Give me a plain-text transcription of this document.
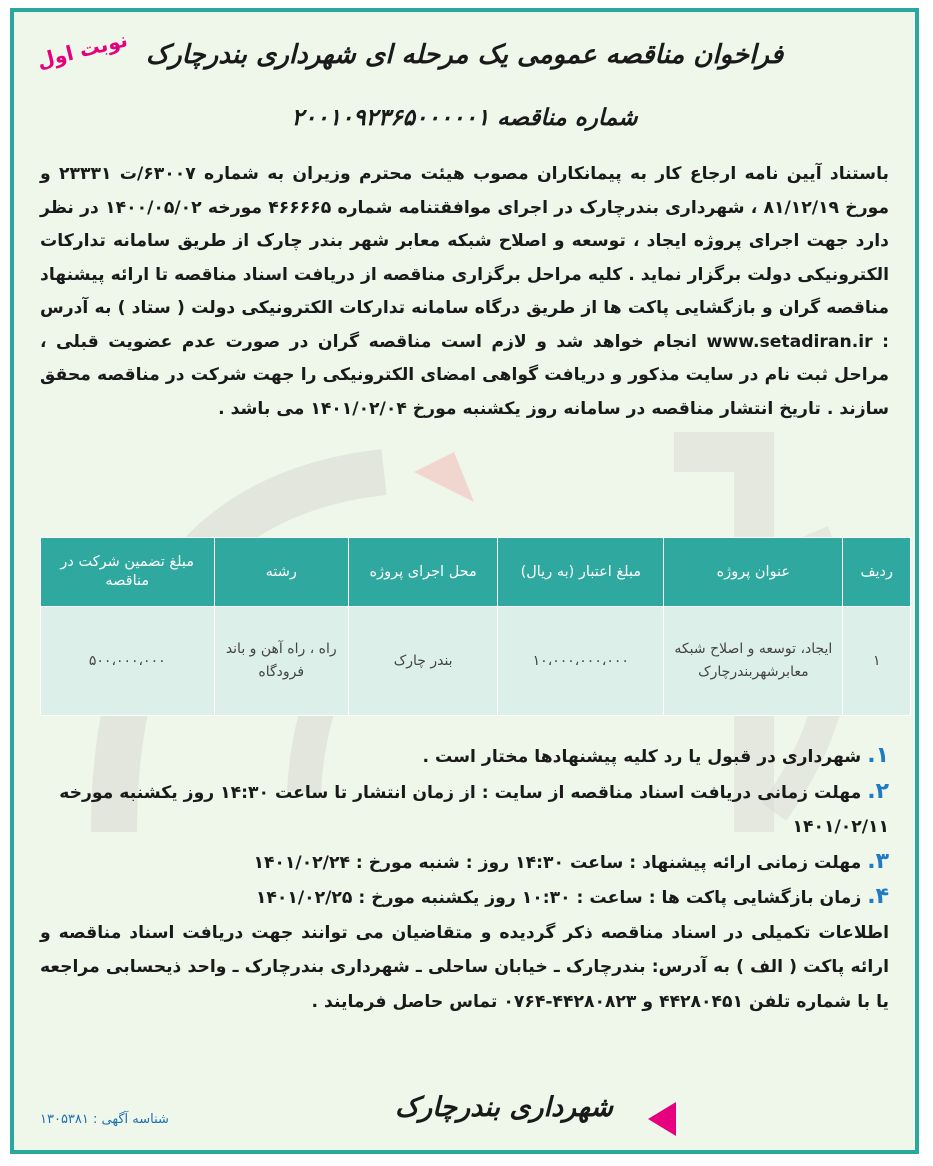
نوبت اول فراخوان مناقصه عمومی یک مرحله ای شهرداری بندرچارک
شماره مناقصه ۲۰۰۱۰۹۲۳۶۵۰۰۰۰۰۱
باستناد آیین نامه ارجاع کار به پیمانکاران مصوب هیئت محترم وزیران به شماره ۶۳۰۰۷/ت ۲۳۳۳۱ و مورخ ۸۱/۱۲/۱۹ ، شهرداری بندرچارک در اجرای موافقتنامه شماره ۴۶۶۶۶۵ مورخه ۱۴۰۰/۰۵/۰۲ در نظر دارد جهت اجرای پروژه ایجاد ، توسعه و اصلاح شبکه معابر شهر بندر چارک از طریق سامانه تدارکات الکترونیکی دولت برگزار نماید . کلیه مراحل برگزاری مناقصه از دریافت اسناد مناقصه تا ارائه پیشنهاد مناقصه گران و بازگشایی پاکت ها از طریق درگاه سامانه تدارکات الکترونیکی دولت ( ستاد ) به آدرس : www.setadiran.ir انجام خواهد شد و لازم است مناقصه گران در صورت عدم عضویت قبلی ، مراحل ثبت نام در سایت مذکور و دریافت گواهی امضای الکترونیکی را جهت شرکت در مناقصه محقق سازند . تاریخ انتشار مناقصه در سامانه روز یکشنبه مورخ ۱۴۰۱/۰۲/۰۴ می باشد .
ردیف	عنوان پروژه	مبلغ اعتبار (به ریال)	محل اجرای پروژه	رشته	مبلغ تضمین شرکت در مناقصه
۱	ایجاد، توسعه و اصلاح شبکه معابرشهربندرچارک	۱۰،۰۰۰،۰۰۰،۰۰۰	بندر چارک	راه ، راه آهن و باند فرودگاه	۵۰۰،۰۰۰،۰۰۰
۱. شهرداری در قبول یا رد کلیه پیشنهادها مختار است .
۲. مهلت زمانی دریافت اسناد مناقصه از سایت : از زمان انتشار تا ساعت ۱۴:۳۰ روز یکشنبه مورخه ۱۴۰۱/۰۲/۱۱
۳. مهلت زمانی ارائه پیشنهاد : ساعت ۱۴:۳۰ روز : شنبه مورخ : ۱۴۰۱/۰۲/۲۴
۴. زمان بازگشایی پاکت ها : ساعت : ۱۰:۳۰ روز یکشنبه مورخ : ۱۴۰۱/۰۲/۲۵
اطلاعات تکمیلی در اسناد مناقصه ذکر گردیده و متقاضیان می توانند جهت دریافت اسناد مناقصه و ارائه پاکت ( الف ) به آدرس: بندرچارک ـ خیابان ساحلی ـ شهرداری بندرچارک ـ واحد ذیحسابی مراجعه یا با شماره تلفن ۴۴۲۸۰۴۵۱ و ۴۴۲۸۰۸۲۳-۰۷۶۴ تماس حاصل فرمایند .
شناسه آگهی : ۱۳۰۵۳۸۱	شهرداری بندرچارک
